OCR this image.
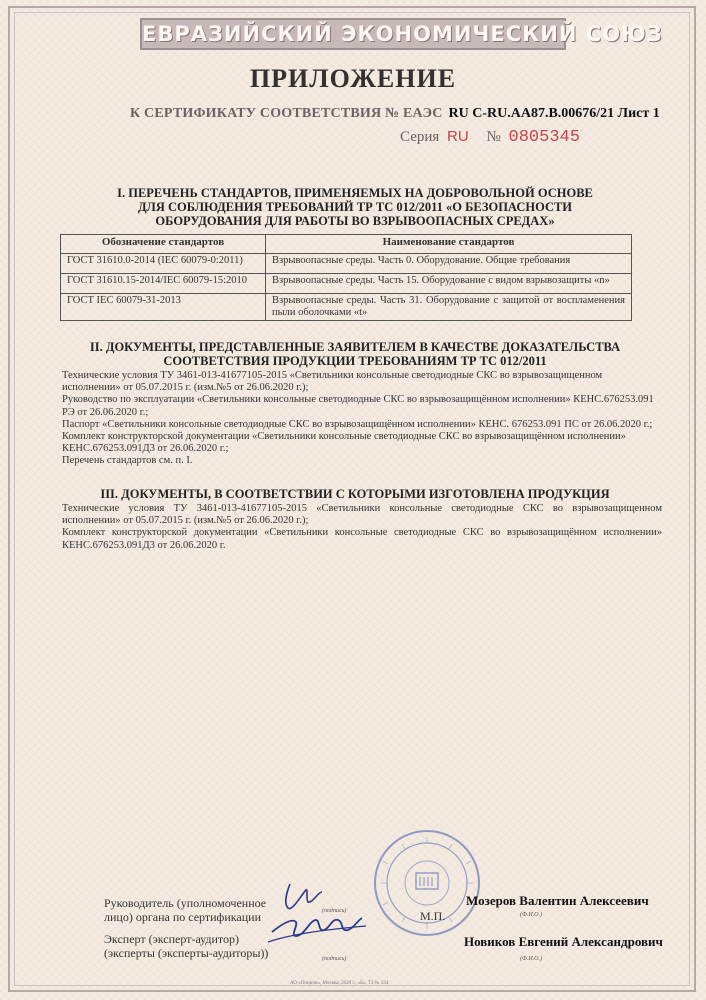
ЕВРАЗИЙСКИЙ ЭКОНОМИЧЕСКИЙ СОЮЗ
ПРИЛОЖЕНИЕ
К СЕРТИФИКАТУ СООТВЕТСТВИЯ № ЕАЭС RU С-RU.АА87.В.00676/21 Лист 1
Серия RU № 0805345
I. ПЕРЕЧЕНЬ СТАНДАРТОВ, ПРИМЕНЯЕМЫХ НА ДОБРОВОЛЬНОЙ ОСНОВЕ
ДЛЯ СОБЛЮДЕНИЯ ТРЕБОВАНИЙ ТР ТС 012/2011 «О БЕЗОПАСНОСТИ
ОБОРУДОВАНИЯ ДЛЯ РАБОТЫ ВО ВЗРЫВООПАСНЫХ СРЕДАХ»
Обозначение стандартов	Наименование стандартов
ГОСТ 31610.0-2014 (IEC 60079-0:2011)	Взрывоопасные среды. Часть 0. Оборудование. Общие требования
ГОСТ 31610.15-2014/IEC 60079-15:2010	Взрывоопасные среды. Часть 15. Оборудование с видом взрывозащиты «n»
ГОСТ IEC 60079-31-2013	Взрывоопасные среды. Часть 31. Оборудование с защитой от воспламенения пыли оболочками «t»
II. ДОКУМЕНТЫ, ПРЕДСТАВЛЕННЫЕ ЗАЯВИТЕЛЕМ В КАЧЕСТВЕ ДОКАЗАТЕЛЬСТВА
СООТВЕТСТВИЯ ПРОДУКЦИИ ТРЕБОВАНИЯМ ТР ТС 012/2011

Технические условия ТУ 3461-013-41677105-2015 «Светильники консольные светодиодные СКС во взрывозащищенном исполнении» от 05.07.2015 г. (изм.№5 от 26.06.2020 г.);

Руководство по эксплуатации «Светильники консольные светодиодные СКС во взрывозащищённом исполнении» КЕНС.676253.091 РЭ от 26.06.2020 г.;

Паспорт «Светильники консольные светодиодные СКС во взрывозащищённом исполнении» КЕНС. 676253.091 ПС от 26.06.2020 г.;

Комплект конструкторской документации «Светильники консольные светодиодные СКС во взрывозащищённом исполнении» КЕНС.676253.091Д3 от 26.06.2020 г.;

Перечень стандартов см. п. I.

III. ДОКУМЕНТЫ, В СООТВЕТСТВИИ С КОТОРЫМИ ИЗГОТОВЛЕНА ПРОДУКЦИЯ

Технические условия ТУ 3461-013-41677105-2015 «Светильники консольные светодиодные СКС во взрывозащищенном исполнении» от 05.07.2015 г. (изм.№5 от 26.06.2020 г.);

Комплект конструкторской документации «Светильники консольные светодиодные СКС во взрывозащищённом исполнении» КЕНС.676253.091Д3 от 26.06.2020 г.

Руководитель (уполномоченное
лицо) органа по сертификации	(подпись)
(Ф.И.О.)
Мозеров Валентин Алексеевич
М.П.
Эксперт (эксперт-аудитор)
(эксперты (эксперты-аудиторы))	(подпись)	(Ф.И.О.)
Новиков Евгений Александрович
АО «Опцион», Москва, 2020 г., «Б», ТЗ № 334
